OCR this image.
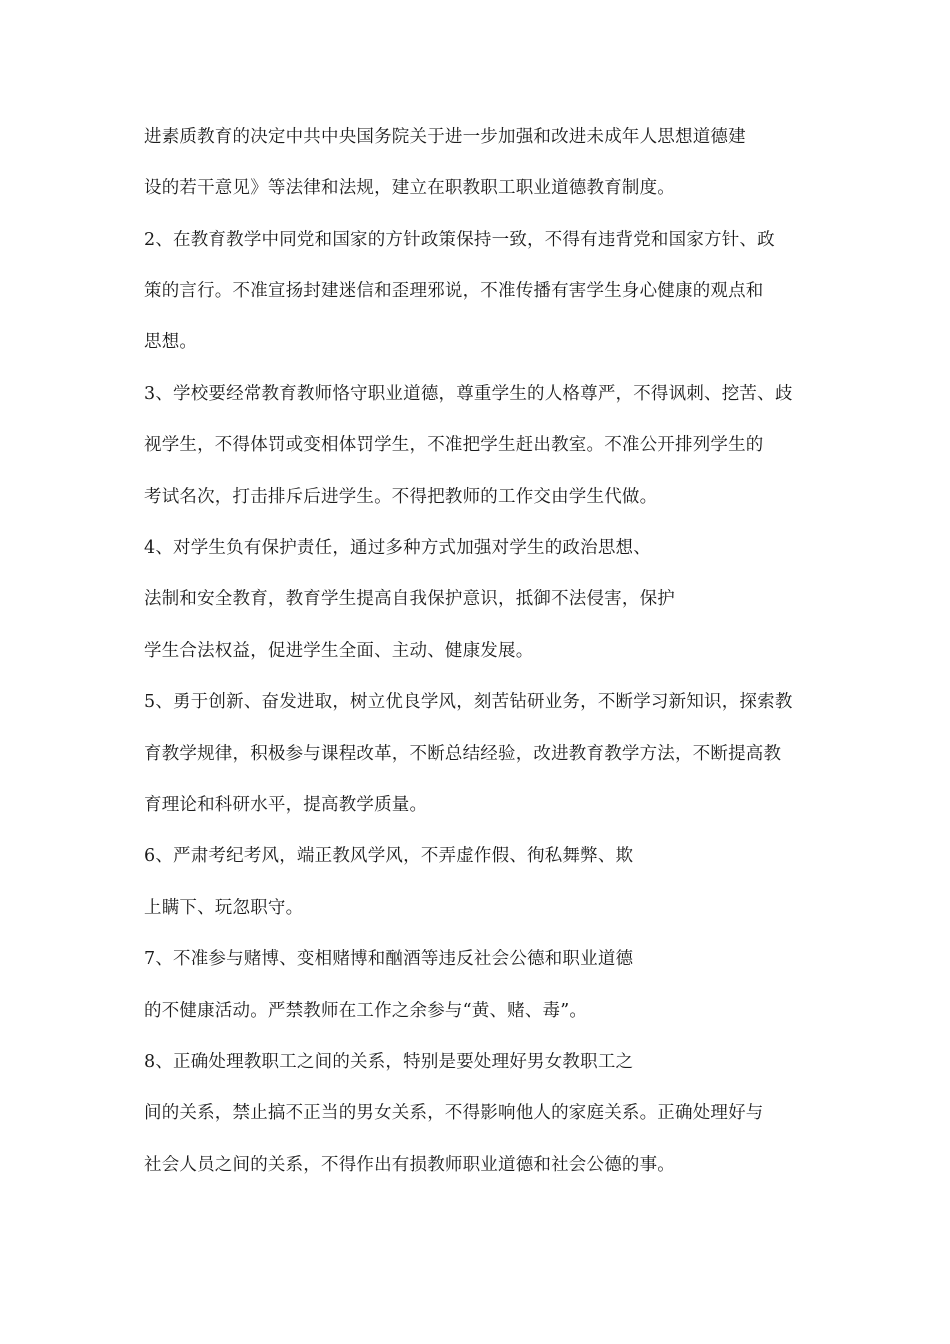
进素质教育的决定中共中央国务院关于进一步加强和改进未成年人思想道德建
设的若干意见》等法律和法规，建立在职教职工职业道德教育制度。
2、在教育教学中同党和国家的方针政策保持一致，不得有违背党和国家方针、政
策的言行。不准宣扬封建迷信和歪理邪说，不准传播有害学生身心健康的观点和
思想。
3、学校要经常教育教师恪守职业道德，尊重学生的人格尊严，不得讽刺、挖苦、歧
视学生，不得体罚或变相体罚学生，不准把学生赶出教室。不准公开排列学生的
考试名次，打击排斥后进学生。不得把教师的工作交由学生代做。
4、对学生负有保护责任，通过多种方式加强对学生的政治思想、
法制和安全教育，教育学生提高自我保护意识，抵御不法侵害，保护
学生合法权益，促进学生全面、主动、健康发展。
5、勇于创新、奋发进取，树立优良学风，刻苦钻研业务，不断学习新知识，探索教
育教学规律，积极参与课程改革，不断总结经验，改进教育教学方法，不断提高教
育理论和科研水平，提高教学质量。
6、严肃考纪考风，端正教风学风，不弄虚作假、徇私舞弊、欺
上瞒下、玩忽职守。
7、不准参与赌博、变相赌博和酗酒等违反社会公德和职业道德
的不健康活动。严禁教师在工作之余参与“黄、赌、毒”。
8、正确处理教职工之间的关系，特别是要处理好男女教职工之
间的关系，禁止搞不正当的男女关系，不得影响他人的家庭关系。正确处理好与
社会人员之间的关系，不得作出有损教师职业道德和社会公德的事。
